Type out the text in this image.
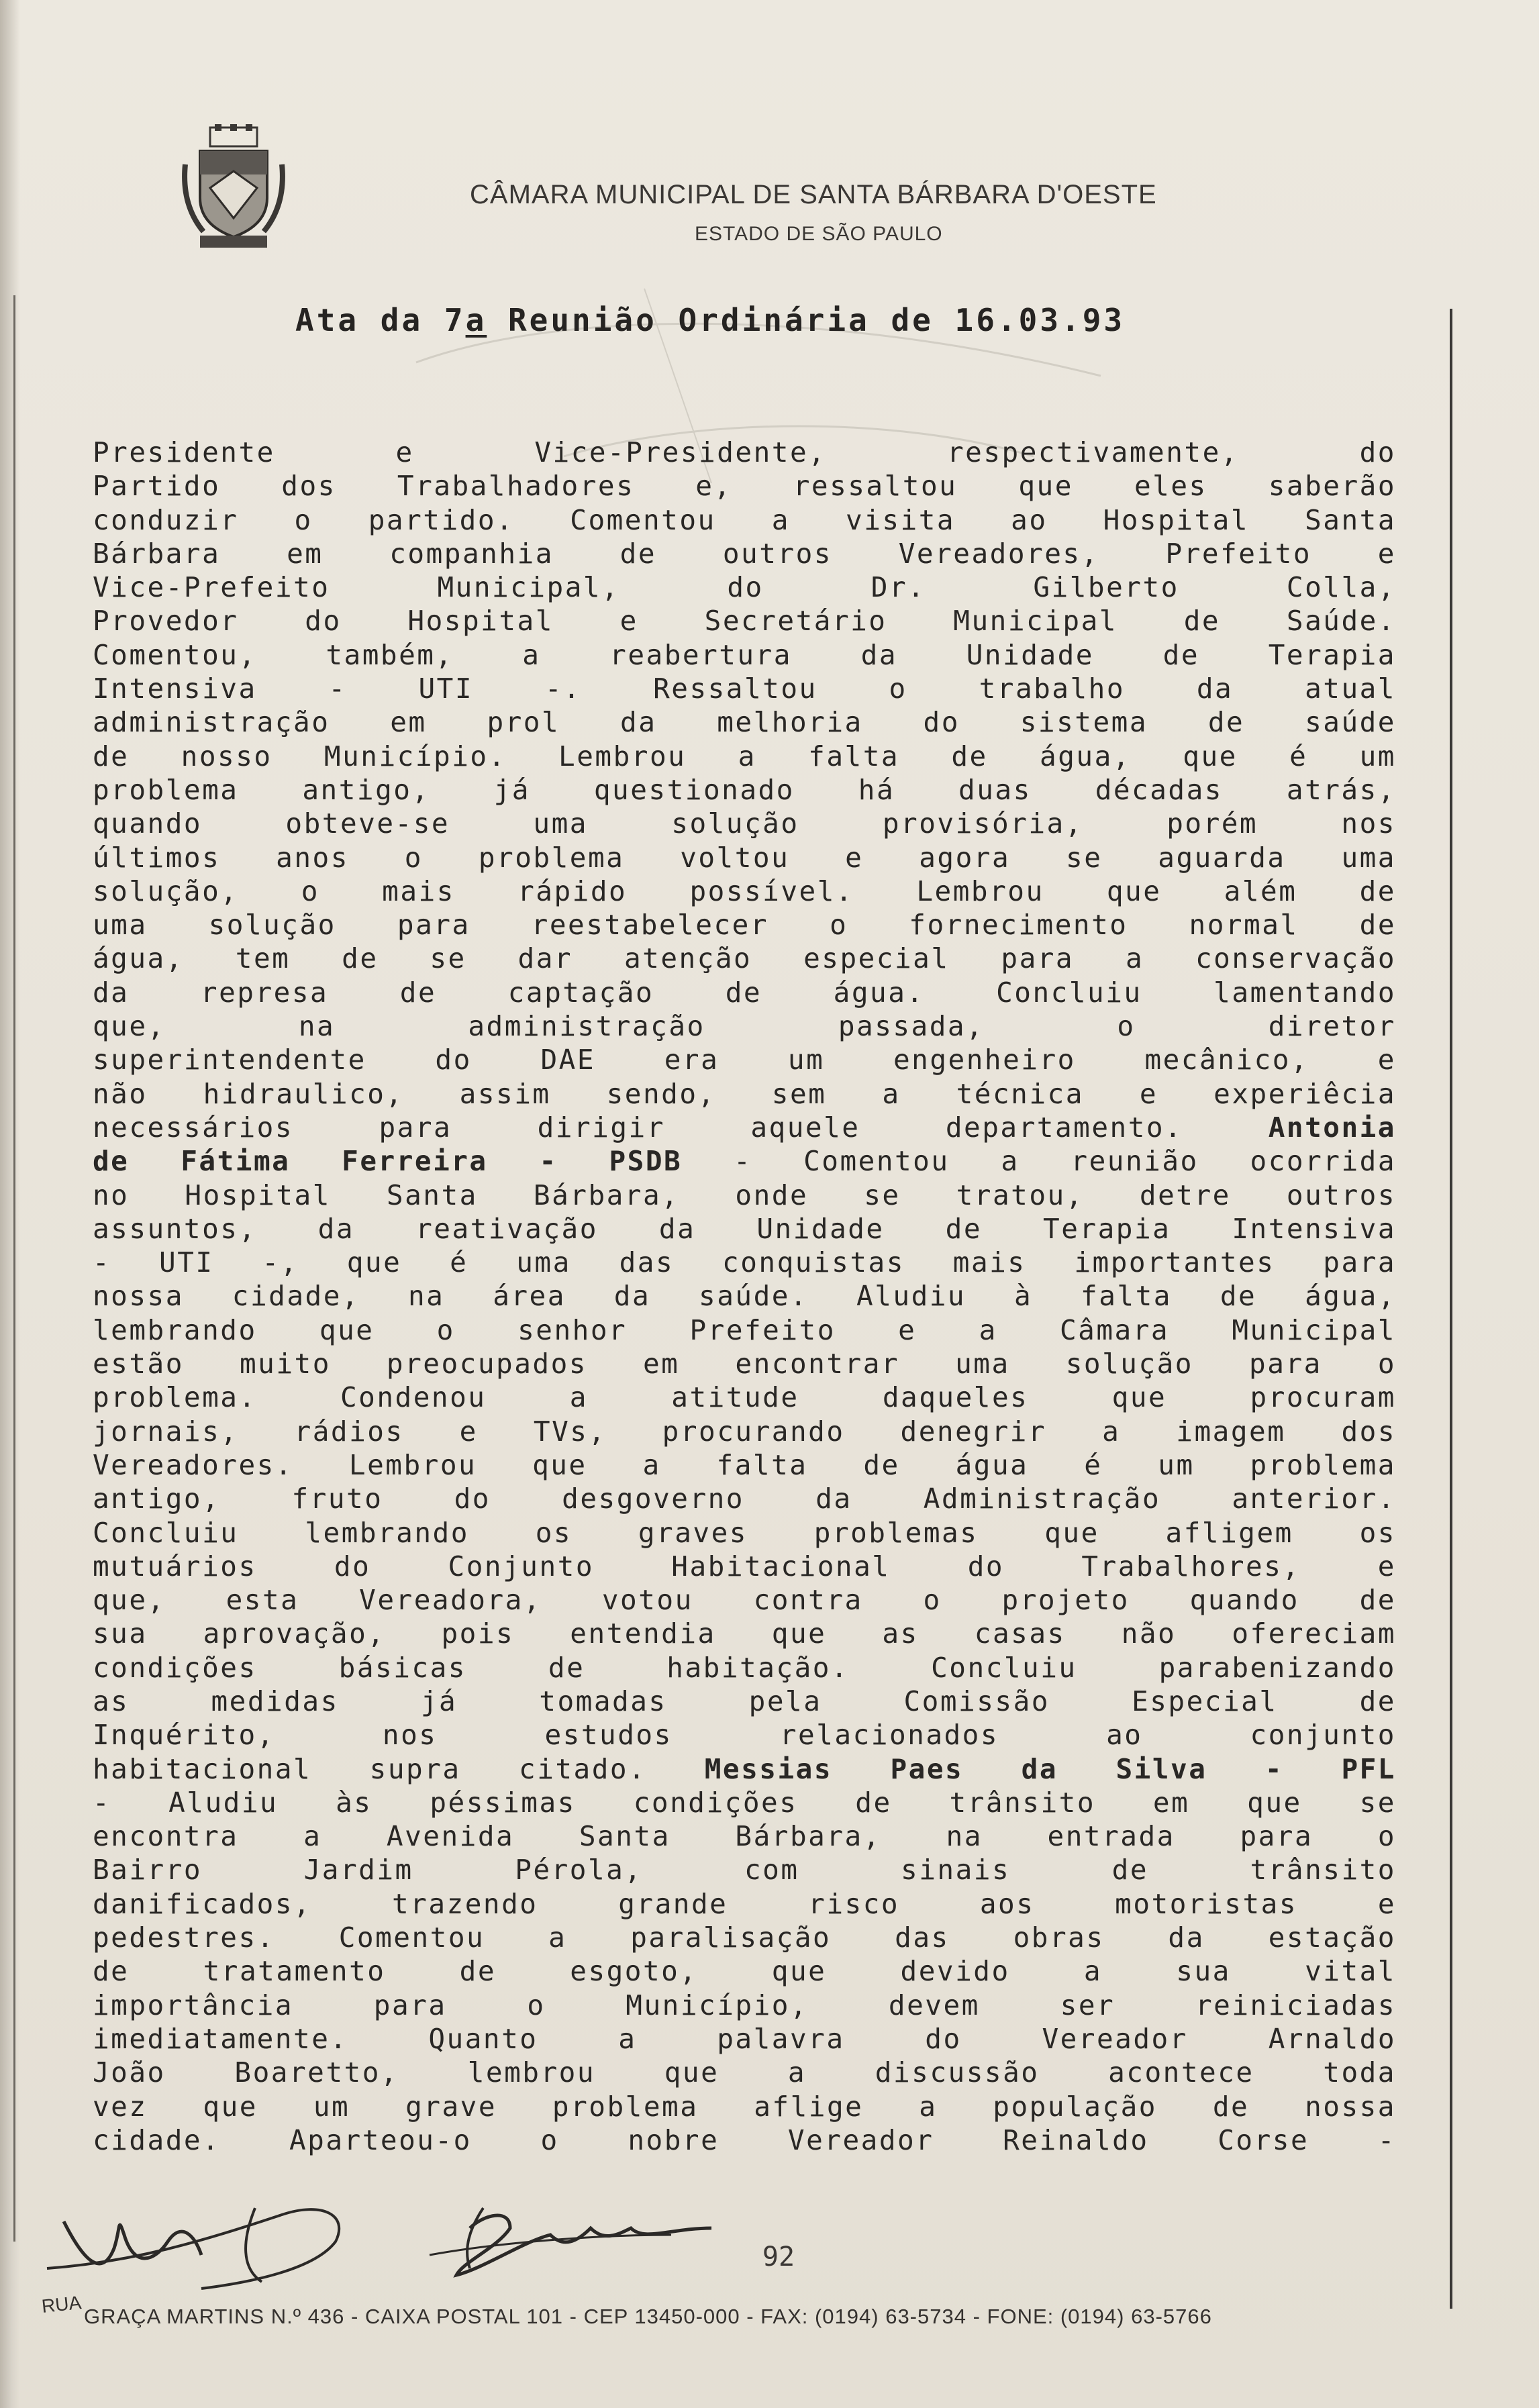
CÂMARA MUNICIPAL DE SANTA BÁRBARA D'OESTE
ESTADO DE SÃO PAULO
Ata da 7a Reunião Ordinária de 16.03.93
Presidente e Vice-Presidente, respectivamente, do
Partido dos Trabalhadores e, ressaltou que eles saberão
conduzir o partido. Comentou a visita ao Hospital Santa
Bárbara em companhia de outros Vereadores, Prefeito e
Vice-Prefeito Municipal, do Dr. Gilberto Colla,
Provedor do Hospital e Secretário Municipal de Saúde.
Comentou, também, a reabertura da Unidade de Terapia
Intensiva - UTI -. Ressaltou o trabalho da atual
administração em prol da melhoria do sistema de saúde
de nosso Município. Lembrou a falta de água, que é um
problema antigo, já questionado há duas décadas atrás,
quando obteve-se uma solução provisória, porém nos
últimos anos o problema voltou e agora se aguarda uma
solução, o mais rápido possível. Lembrou que além de
uma solução para reestabelecer o fornecimento normal de
água, tem de se dar atenção especial para a conservação
da represa de captação de água. Concluiu lamentando
que, na administração passada, o diretor
superintendente do DAE era um engenheiro mecânico, e
não hidraulico, assim sendo, sem a técnica e experiêcia
necessários para dirigir aquele departamento.	Antonia
de Fátima Ferreira - PSDB - Comentou a reunião ocorrida
no Hospital Santa Bárbara, onde se tratou, detre outros
assuntos, da reativação da Unidade de Terapia Intensiva
- UTI -, que é uma das conquistas mais importantes para
nossa cidade, na área da saúde. Aludiu à falta de água,
lembrando que o senhor Prefeito e a Câmara Municipal
estão muito preocupados em encontrar uma solução para o
problema. Condenou a atitude daqueles que procuram
jornais, rádios e TVs, procurando denegrir a imagem dos
Vereadores. Lembrou que a falta de água é um problema
antigo, fruto do desgoverno da Administração anterior.
Concluiu lembrando os graves problemas que afligem os
mutuários do Conjunto Habitacional do Trabalhores, e
que, esta Vereadora, votou contra o projeto quando de
sua aprovação, pois entendia que as casas não ofereciam
condições básicas de habitação. Concluiu parabenizando
as medidas já tomadas pela Comissão Especial de
Inquérito, nos estudos relacionados ao conjunto
habitacional supra citado. Messias Paes da Silva - PFL
- Aludiu às péssimas condições de trânsito em que se
encontra a Avenida Santa Bárbara, na entrada para o
Bairro Jardim Pérola, com sinais de trânsito
danificados, trazendo grande risco aos motoristas e
pedestres. Comentou a paralisação das obras da estação
de tratamento de esgoto, que devido a sua vital
importância para o Município, devem ser reiniciadas
imediatamente. Quanto a palavra do Vereador Arnaldo
João Boaretto, lembrou que a discussão acontece toda
vez que um grave problema aflige a população de nossa
cidade. Aparteou-o o nobre Vereador Reinaldo Corse -
92
RUA GRAÇA MARTINS N.º 436 - CAIXA POSTAL 101 - CEP 13450-000 - FAX: (0194) 63-5734 - FONE: (0194) 63-5766
